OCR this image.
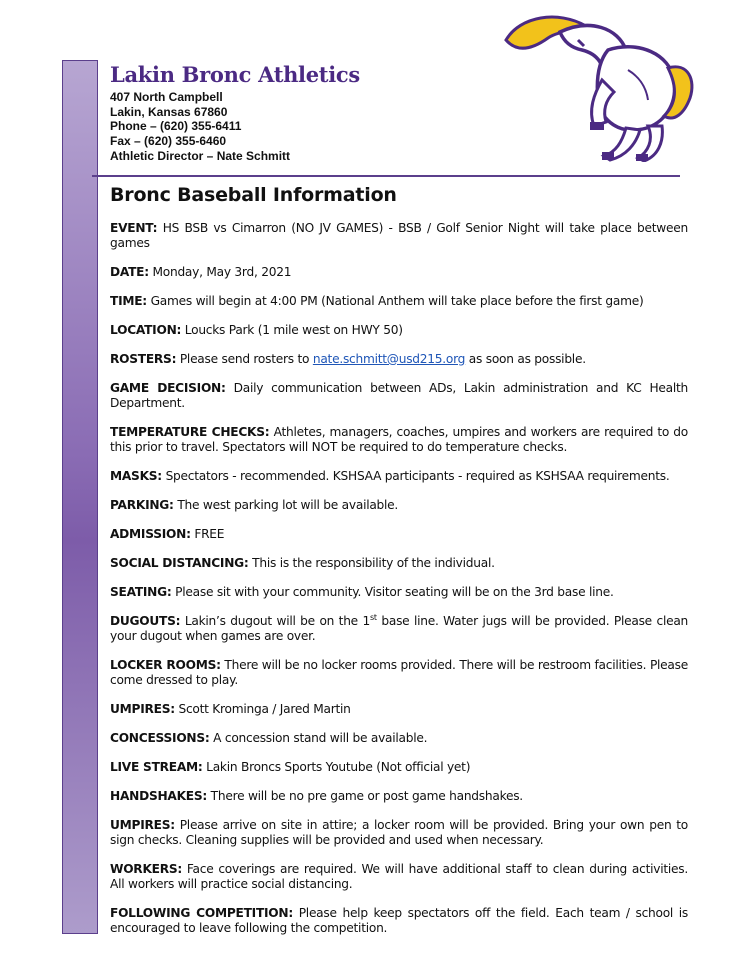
Lakin Bronc Athletics
407 North Campbell
Lakin, Kansas 67860
Phone – (620) 355-6411
Fax – (620) 355-6460
Athletic Director – Nate Schmitt
Bronc Baseball Information

EVENT: HS BSB vs Cimarron (NO JV GAMES) - BSB / Golf Senior Night will take place between games

DATE: Monday, May 3rd, 2021

TIME: Games will begin at 4:00 PM (National Anthem will take place before the first game)

LOCATION: Loucks Park (1 mile west on HWY 50)

ROSTERS: Please send rosters to nate.schmitt@usd215.org as soon as possible.

GAME DECISION: Daily communication between ADs, Lakin administration and KC Health Department.

TEMPERATURE CHECKS: Athletes, managers, coaches, umpires and workers are required to do this prior to travel. Spectators will NOT be required to do temperature checks.

MASKS: Spectators - recommended. KSHSAA participants - required as KSHSAA requirements.

PARKING: The west parking lot will be available.

ADMISSION: FREE

SOCIAL DISTANCING: This is the responsibility of the individual.

SEATING: Please sit with your community. Visitor seating will be on the 3rd base line.

DUGOUTS: Lakin’s dugout will be on the 1st base line. Water jugs will be provided. Please clean your dugout when games are over.

LOCKER ROOMS: There will be no locker rooms provided. There will be restroom facilities. Please come dressed to play.

UMPIRES: Scott Krominga / Jared Martin

CONCESSIONS: A concession stand will be available.

LIVE STREAM: Lakin Broncs Sports Youtube (Not official yet)

HANDSHAKES: There will be no pre game or post game handshakes.

UMPIRES: Please arrive on site in attire; a locker room will be provided. Bring your own pen to sign checks. Cleaning supplies will be provided and used when necessary.

WORKERS: Face coverings are required. We will have additional staff to clean during activities. All workers will practice social distancing.

FOLLOWING COMPETITION: Please help keep spectators off the field. Each team / school is encouraged to leave following the competition.
